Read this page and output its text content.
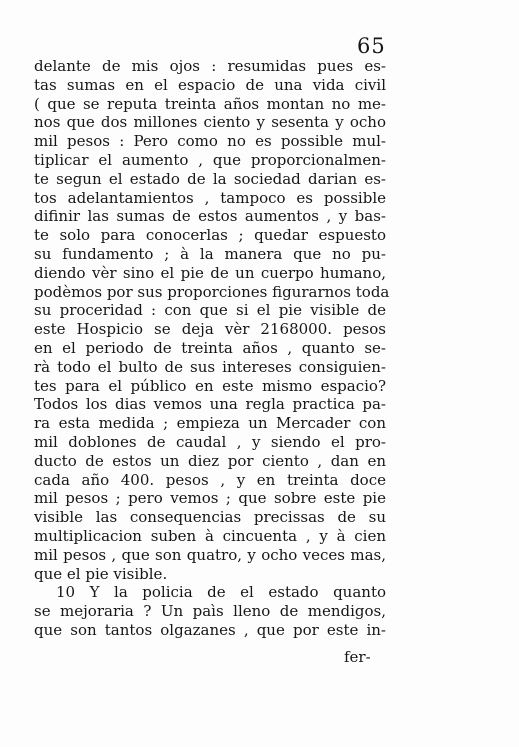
65
delante de mis ojos : resumidas pues es-
tas sumas en el espacio de una vida civil
( que se reputa treinta años montan no me-
nos que dos millones ciento y sesenta y ocho
mil pesos : Pero como no es possible mul-
tiplicar el aumento , que proporcionalmen-
te segun el estado de la sociedad darian es-
tos adelantamientos , tampoco es possible
difinir las sumas de estos aumentos , y bas-
te solo para conocerlas ; quedar espuesto
su fundamento ; à la manera que no pu-
diendo vèr sino el pie de un cuerpo humano,
podèmos por sus proporciones figurarnos toda
su proceridad : con que si el pie visible de
este Hospicio se deja vèr 2168000. pesos
en el periodo de treinta años , quanto se-
rà todo el bulto de sus intereses consiguien-
tes para el público en este mismo espacio?
Todos los dias vemos una regla practica pa-
ra esta medida ; empieza un Mercader con
mil doblones de caudal , y siendo el pro-
ducto de estos un diez por ciento , dan en
cada año 400. pesos , y en treinta doce
mil pesos ; pero vemos ; que sobre este pie
visible las consequencias precissas de su
multiplicacion suben à cincuenta , y à cien
mil pesos , que son quatro, y ocho veces mas,
que el pie visible.
10 Y la policia de el estado quanto
se mejoraria ? Un paìs lleno de mendigos,
que son tantos olgazanes , que por este in-
fer-
